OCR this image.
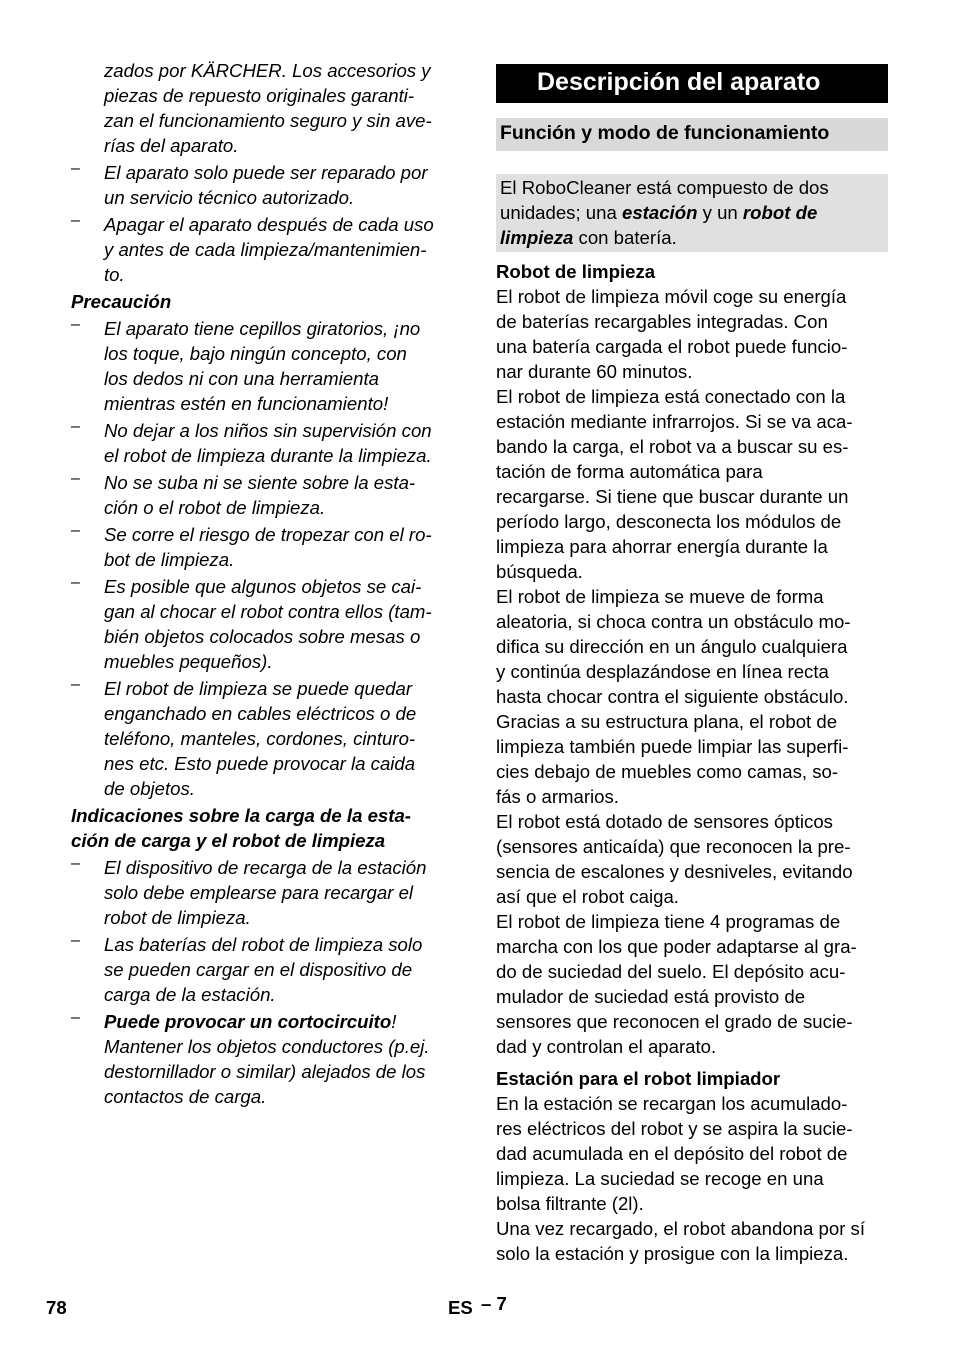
zados por KÄRCHER. Los accesorios y

piezas de repuesto originales garanti-

zan el funcionamiento seguro y sin ave-

rías del aparato.

– El aparato solo puede ser reparado por

un servicio técnico autorizado.

– Apagar el aparato después de cada uso

y antes de cada limpieza/mantenimien-

to.

Precaución

– El aparato tiene cepillos giratorios, ¡no

los toque, bajo ningún concepto, con

los dedos ni con una herramienta

mientras estén en funcionamiento!

– No dejar a los niños sin supervisión con

el robot de limpieza durante la limpieza.

– No se suba ni se siente sobre la esta-

ción o el robot de limpieza.

– Se corre el riesgo de tropezar con el ro-

bot de limpieza.

– Es posible que algunos objetos se cai-

gan al chocar el robot contra ellos (tam-

bién objetos colocados sobre mesas o

muebles pequeños).

– El robot de limpieza se puede quedar

enganchado en cables eléctricos o de

teléfono, manteles, cordones, cinturo-

nes etc. Esto puede provocar la caida

de objetos.

Indicaciones sobre la carga de la esta-

ción de carga y el robot de limpieza

– El dispositivo de recarga de la estación

solo debe emplearse para recargar el

robot de limpieza.

– Las baterías del robot de limpieza solo

se pueden cargar en el dispositivo de

carga de la estación.

– Puede provocar un cortocircuito!

Mantener los objetos conductores (p.ej.

destornillador o similar) alejados de los

contactos de carga.

Descripción del aparato
Función y modo de funcionamiento

El RoboCleaner está compuesto de dos

unidades; una estación y un robot de

limpieza con batería.

Robot de limpieza

El robot de limpieza móvil coge su energía

de baterías recargables integradas. Con

una batería cargada el robot puede funcio-

nar durante 60 minutos.

El robot de limpieza está conectado con la

estación mediante infrarrojos. Si se va aca-

bando la carga, el robot va a buscar su es-

tación de forma automática para

recargarse. Si tiene que buscar durante un

período largo, desconecta los módulos de

limpieza para ahorrar energía durante la

búsqueda.

El robot de limpieza se mueve de forma

aleatoria, si choca contra un obstáculo mo-

difica su dirección en un ángulo cualquiera

y continúa desplazándose en línea recta

hasta chocar contra el siguiente obstáculo.

Gracias a su estructura plana, el robot de

limpieza también puede limpiar las superfi-

cies debajo de muebles como camas, so-

fás o armarios.

El robot está dotado de sensores ópticos

(sensores anticaída) que reconocen la pre-

sencia de escalones y desniveles, evitando

así que el robot caiga.

El robot de limpieza tiene 4 programas de

marcha con los que poder adaptarse al gra-

do de suciedad del suelo. El depósito acu-

mulador de suciedad está provisto de

sensores que reconocen el grado de sucie-

dad y controlan el aparato.

Estación para el robot limpiador

En la estación se recargan los acumulado-

res eléctricos del robot y se aspira la sucie-

dad acumulada en el depósito del robot de

limpieza. La suciedad se recoge en una

bolsa filtrante (2l).

Una vez recargado, el robot abandona por sí

solo la estación y prosigue con la limpieza.

78	ES – 7
